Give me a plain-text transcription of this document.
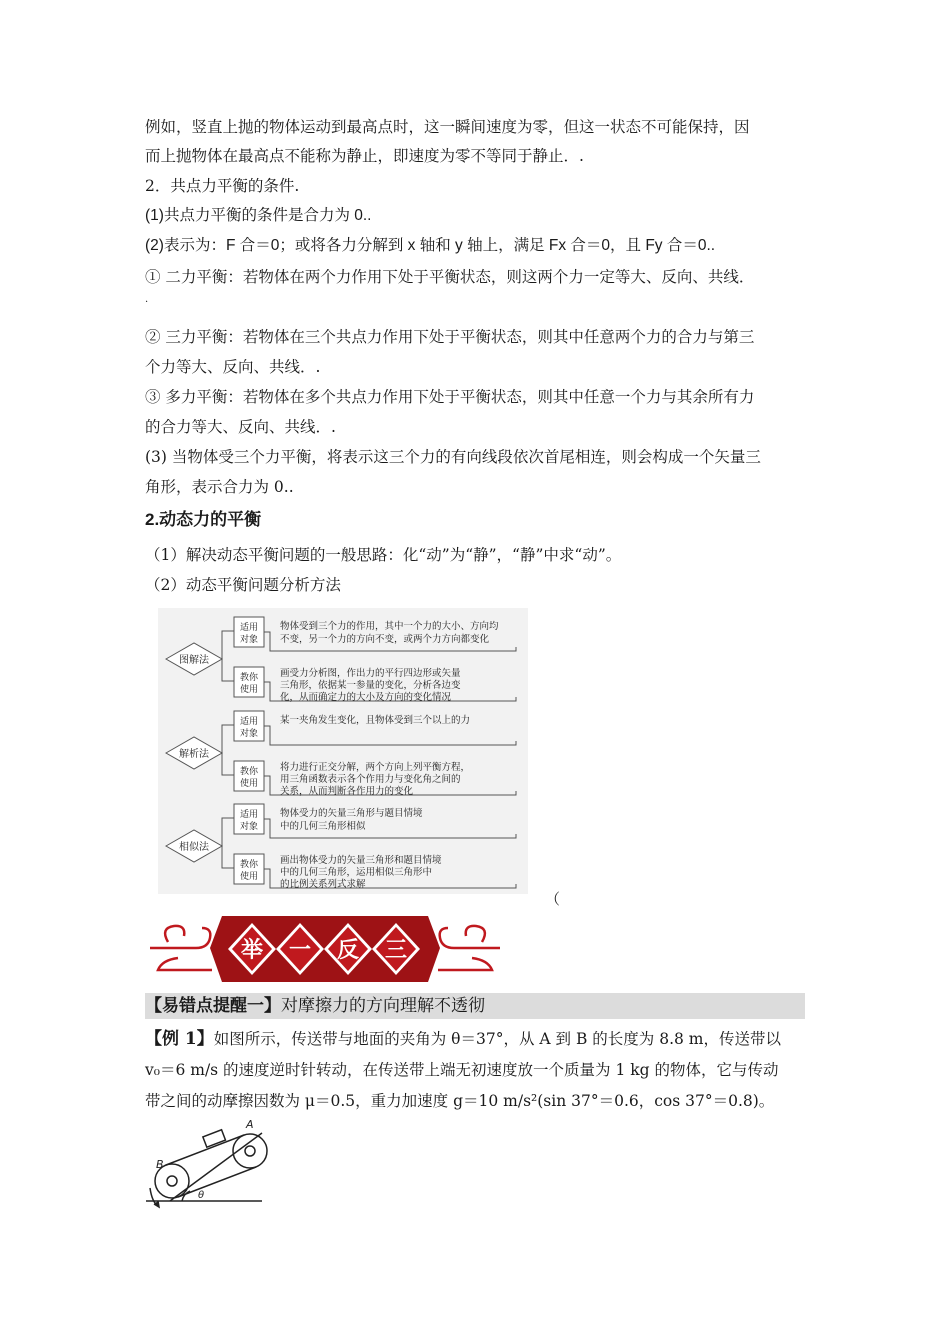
例如，竖直上抛的物体运动到最高点时，这一瞬间速度为零，但这一状态不可能保持，因
而上抛物体在最高点不能称为静止，即速度为零不等同于静止．.
2．共点力平衡的条件.
(1)共点力平衡的条件是合力为 0..
(2)表示为：F 合＝0；或将各力分解到 x 轴和 y 轴上，满足 Fx 合＝0，且 Fy 合＝0..
① 二力平衡：若物体在两个力作用下处于平衡状态，则这两个力一定等大、反向、共线．
.
② 三力平衡：若物体在三个共点力作用下处于平衡状态，则其中任意两个力的合力与第三
个力等大、反向、共线．.
③ 多力平衡：若物体在多个共点力作用下处于平衡状态，则其中任意一个力与其余所有力
的合力等大、反向、共线．.
(3) 当物体受三个力平衡，将表示这三个力的有向线段依次首尾相连，则会构成一个矢量三
角形，表示合力为 0..
2.动态力的平衡
（1）解决动态平衡问题的一般思路：化“动”为“静”，“静”中求“动”。
（2）动态平衡问题分析方法
图解法
适用
对象
教你
使用
物体受到三个力的作用，其中一个力的大小、方向均
不变，另一个力的方向不变，或两个力方向都变化
画受力分析图，作出力的平行四边形或矢量
三角形，依据某一参量的变化，分析各边变
化，从而确定力的大小及方向的变化情况
解析法
适用
对象
教你
使用
某一夹角发生变化，且物体受到三个以上的力
将力进行正交分解，两个方向上列平衡方程，
用三角函数表示各个作用力与变化角之间的
关系，从而判断各作用力的变化
相似法
适用
对象
教你
使用
物体受力的矢量三角形与题目情境
中的几何三角形相似
画出物体受力的矢量三角形和题目情境
中的几何三角形，运用相似三角形中
的比例关系列式求解
（
举 一 反 三
【易错点提醒一】对摩擦力的方向理解不透彻
【例 1】如图所示，传送带与地面的夹角为 θ＝37°，从 A 到 B 的长度为 8.8 m，传送带以
v₀＝6 m/s 的速度逆时针转动，在传送带上端无初速度放一个质量为 1 kg 的物体，它与传动
带之间的动摩擦因数为 μ＝0.5，重力加速度 g＝10 m/s²(sin 37°＝0.6，cos 37°＝0.8)。
A
B
θ
